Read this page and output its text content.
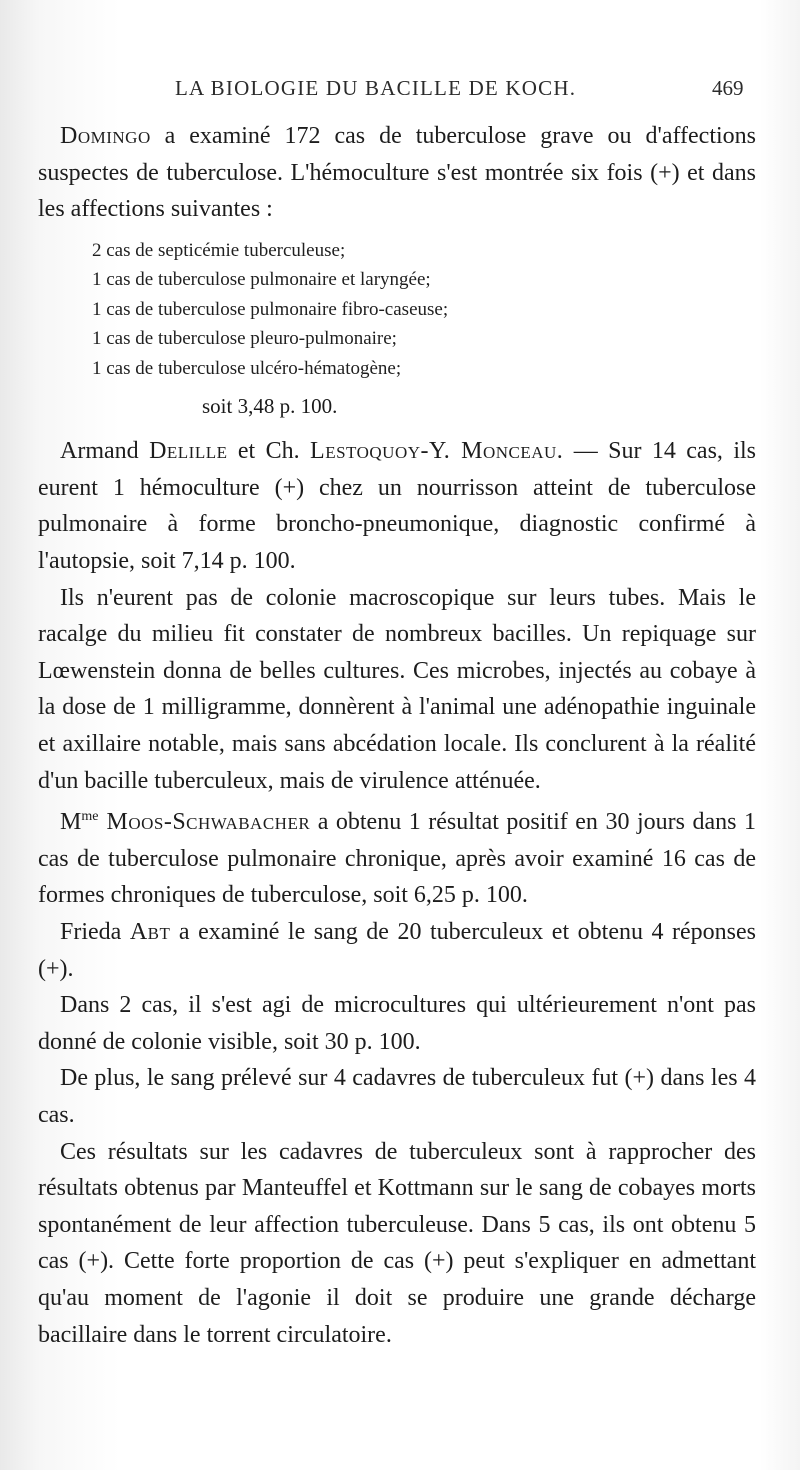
LA BIOLOGIE DU BACILLE DE KOCH.	469

Domingo a examiné 172 cas de tuberculose grave ou d'affections suspectes de tuberculose. L'hémoculture s'est montrée six fois (+) et dans les affections suivantes :

2 cas de septicémie tuberculeuse;
1 cas de tuberculose pulmonaire et laryngée;
1 cas de tuberculose pulmonaire fibro-caseuse;
1 cas de tuberculose pleuro-pulmonaire;
1 cas de tuberculose ulcéro-hématogène;

soit 3,48 p. 100.

Armand Delille et Ch. Lestoquoy-Y. Monceau. — Sur 14 cas, ils eurent 1 hémoculture (+) chez un nourrisson atteint de tuberculose pulmonaire à forme broncho-pneumonique, diagnostic confirmé à l'autopsie, soit 7,14 p. 100.

Ils n'eurent pas de colonie macroscopique sur leurs tubes. Mais le racalge du milieu fit constater de nombreux bacilles. Un repiquage sur Lœwenstein donna de belles cultures. Ces microbes, injectés au cobaye à la dose de 1 milligramme, donnèrent à l'animal une adénopathie inguinale et axillaire notable, mais sans abcédation locale. Ils conclurent à la réalité d'un bacille tuberculeux, mais de virulence atténuée.

$M^{me}$ Moos-Schwabacher a obtenu 1 résultat positif en 30 jours dans 1 cas de tuberculose pulmonaire chronique, après avoir examiné 16 cas de formes chroniques de tuberculose, soit 6,25 p. 100.

Frieda Abt a examiné le sang de 20 tuberculeux et obtenu 4 réponses (+).

Dans 2 cas, il s'est agi de microcultures qui ultérieurement n'ont pas donné de colonie visible, soit 30 p. 100.

De plus, le sang prélevé sur 4 cadavres de tuberculeux fut (+) dans les 4 cas.

Ces résultats sur les cadavres de tuberculeux sont à rapprocher des résultats obtenus par Manteuffel et Kottmann sur le sang de cobayes morts spontanément de leur affection tuberculeuse. Dans 5 cas, ils ont obtenu 5 cas (+). Cette forte proportion de cas (+) peut s'expliquer en admettant qu'au moment de l'agonie il doit se produire une grande décharge bacillaire dans le torrent circulatoire.
